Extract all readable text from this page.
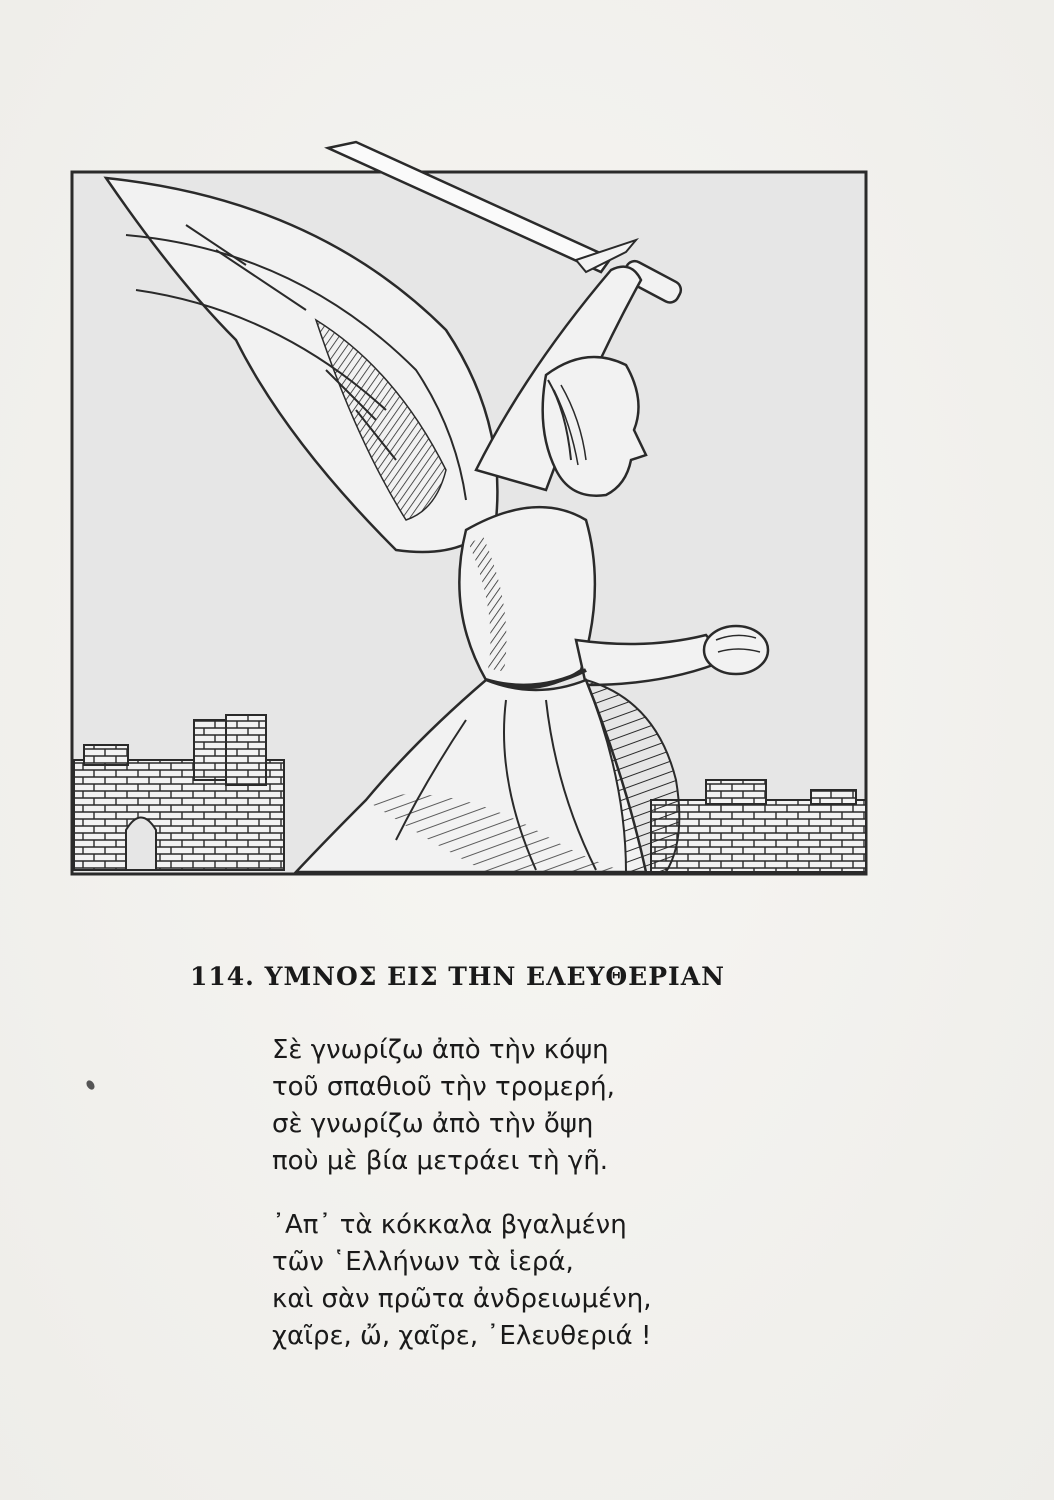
114. ΥΜΝΟΣ ΕΙΣ ΤΗΝ ΕΛΕΥΘΕΡΙΑΝ
Σὲ γνωρίζω ἀπὸ τὴν κόψη
τοῦ σπαθιοῦ τὴν τρομερή,
σὲ γνωρίζω ἀπὸ τὴν ὄψη
ποὺ μὲ βία μετράει τὴ γῆ.
᾿Απ᾿ τὰ κόκκαλα βγαλμένη
τῶν ῾Ελλήνων τὰ ἱερά,
καὶ σὰν πρῶτα ἀνδρειωμένη,
χαῖρε, ὤ, χαῖρε, ᾿Ελευθεριά !
